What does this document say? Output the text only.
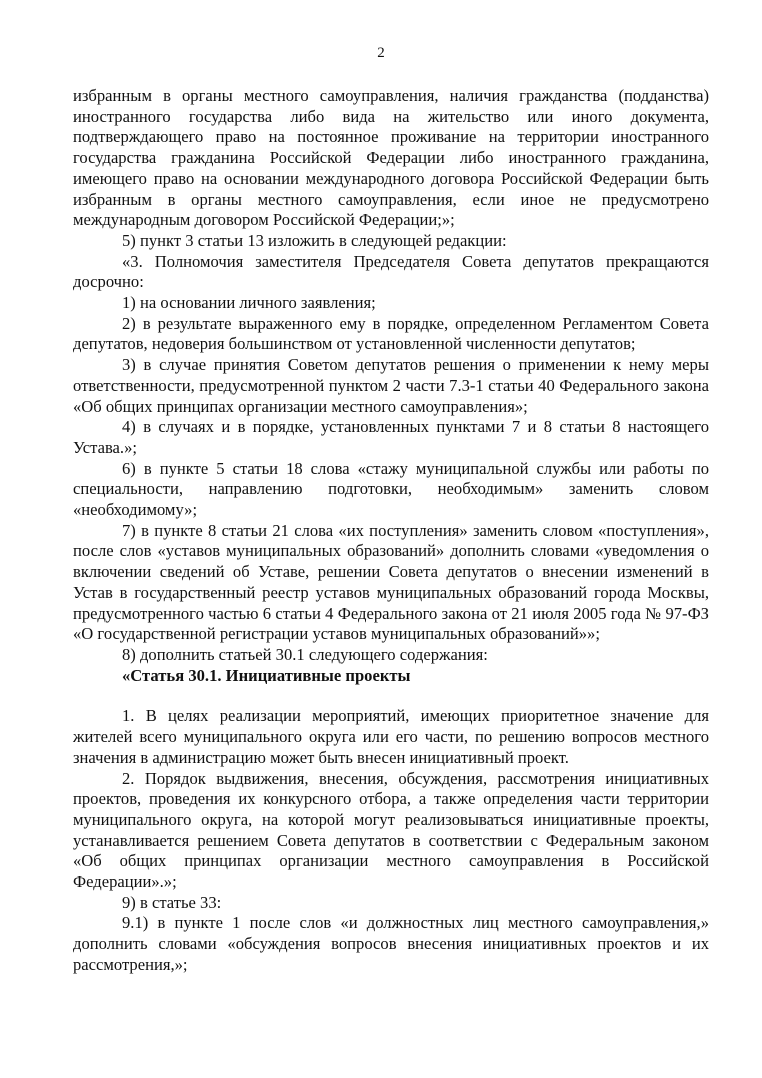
2

избранным в органы местного самоуправления, наличия гражданства (подданства) иностранного государства либо вида на жительство или иного документа, подтверждающего право на постоянное проживание на территории иностранного государства гражданина Российской Федерации либо иностранного гражданина, имеющего право на основании международного договора Российской Федерации быть избранным в органы местного самоуправления, если иное не предусмотрено международным договором Российской Федерации;»;

5) пункт 3 статьи 13 изложить в следующей редакции:

«3. Полномочия заместителя Председателя Совета депутатов прекращаются досрочно:

1) на основании личного заявления;

2) в результате выраженного ему в порядке, определенном Регламентом Совета депутатов, недоверия большинством от установленной численности депутатов;

3) в случае принятия Советом депутатов решения о применении к нему меры ответственности, предусмотренной пунктом 2 части 7.3-1 статьи 40 Федерального закона «Об общих принципах организации местного самоуправления»;

4) в случаях и в порядке, установленных пунктами 7 и 8 статьи 8 настоящего Устава.»;

6) в пункте 5 статьи 18 слова «стажу муниципальной службы или работы по специальности, направлению подготовки, необходимым» заменить словом «необходимому»;

7) в пункте 8 статьи 21 слова «их поступления» заменить словом «поступления», после слов «уставов муниципальных образований» дополнить словами «уведомления о включении сведений об Уставе, решении Совета депутатов о внесении изменений в Устав в государственный реестр уставов муниципальных образований города Москвы, предусмотренного частью 6 статьи 4 Федерального закона от 21 июля 2005 года № 97-ФЗ «О государственной регистрации уставов муниципальных образований»»;

8) дополнить статьей 30.1 следующего содержания:

«Статья 30.1. Инициативные проекты

1. В целях реализации мероприятий, имеющих приоритетное значение для жителей всего муниципального округа или его части, по решению вопросов местного значения в администрацию может быть внесен инициативный проект.

2. Порядок выдвижения, внесения, обсуждения, рассмотрения инициативных проектов, проведения их конкурсного отбора, а также определения части территории муниципального округа, на которой могут реализовываться инициативные проекты, устанавливается решением Совета депутатов в соответствии с Федеральным законом «Об общих принципах организации местного самоуправления в Российской Федерации».»;

9) в статье 33:

9.1) в пункте 1 после слов «и должностных лиц местного самоуправления,» дополнить словами «обсуждения вопросов внесения инициативных проектов и их рассмотрения,»;
